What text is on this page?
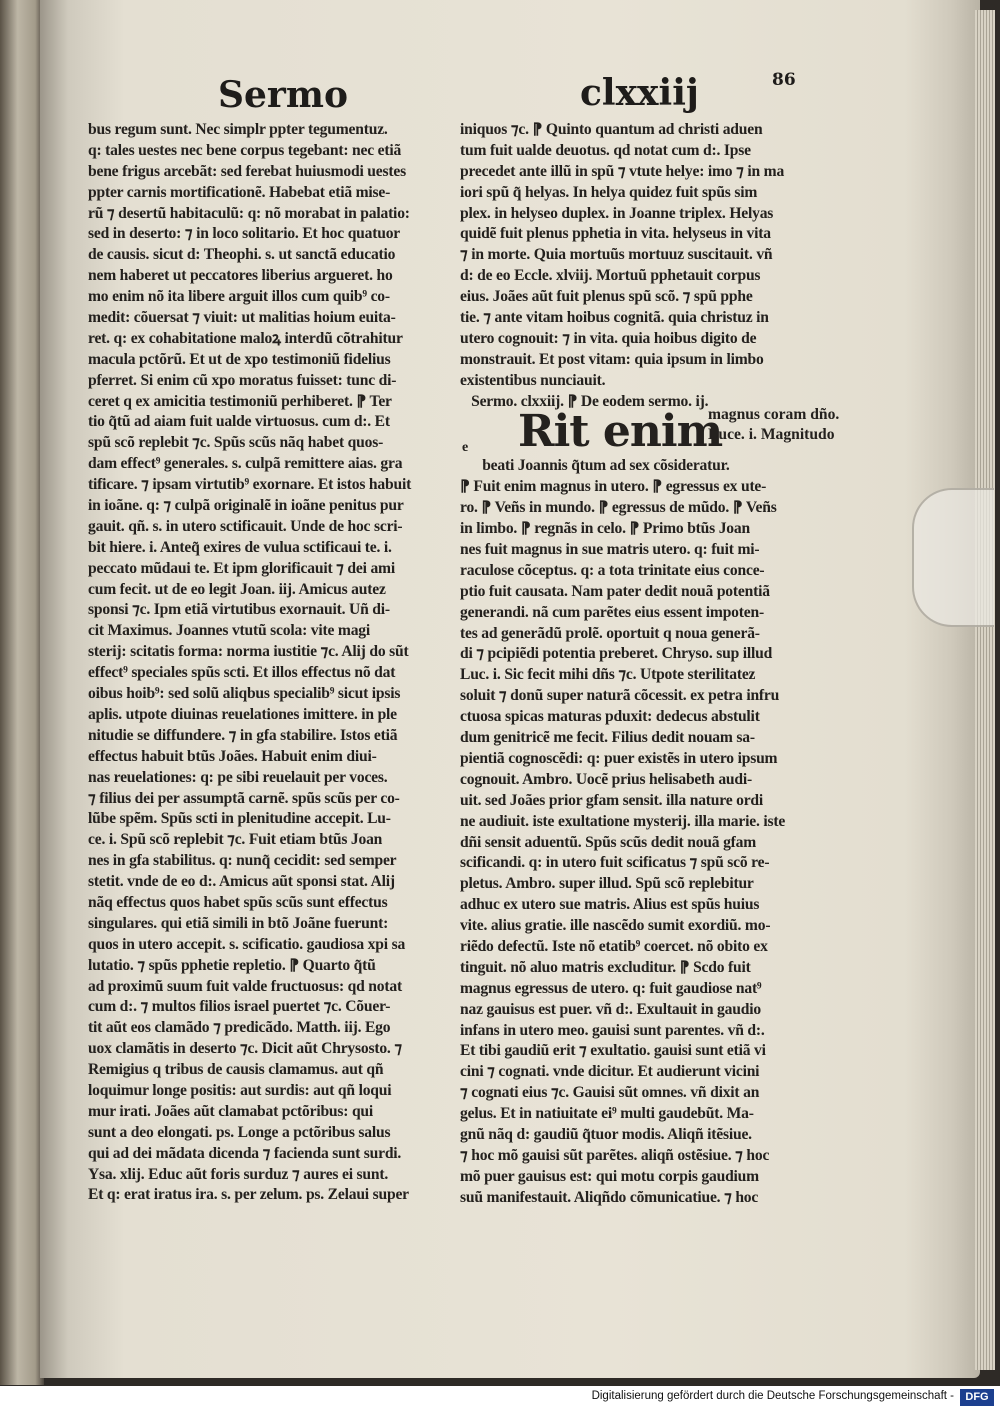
Sermo	clxxiij	86
bus regum sunt. Nec simplr ppter tegumentuz.
q: tales uestes nec bene corpus tegebant: nec etiã
bene frigus arcebãt: sed ferebat huiusmodi uestes
ppter carnis mortificationẽ. Habebat etiã mise-
rũ ⁊ desertũ habitaculũ: q: nõ morabat in palatio:
sed in deserto: ⁊ in loco solitario. Et hoc quatuor
de causis. sicut d: Theophi. s. ut sanctã educatio
nem haberet ut peccatores liberius argueret. ho
mo enim nõ ita libere arguit illos cum quib⁹ co-
medit: cõuersat ⁊ viuit: ut malitias hoium euita-
ret. q: ex cohabitatione maloꝝ interdũ cõtrahitur
macula pctõrũ. Et ut de xpo testimoniũ fidelius
pferret. Si enim cũ xpo moratus fuisset: tunc di-
ceret q ex amicitia testimoniũ perhiberet. ⁋ Ter
tio q̃tũ ad aiam fuit ualde virtuosus. cum d:. Et
spũ scõ replebit ⁊c. Spũs scũs nãq habet quos-
dam effect⁹ generales. s. culpã remittere aias. gra
tificare. ⁊ ipsam virtutib⁹ exornare. Et istos habuit
in ioãne. q: ⁊ culpã originalẽ in ioãne penitus pur
gauit. qñ. s. in utero sctificauit. Unde de hoc scri-
bit hiere. i. Anteq̃ exires de vulua sctificaui te. i.
peccato mũdaui te. Et ipm glorificauit ⁊ dei ami
cum fecit. ut de eo legit Joan. iij. Amicus autez
sponsi ⁊c. Ipm etiã virtutibus exornauit. Uñ di-
cit Maximus. Joannes vtutũ scola: vite magi
sterij: scitatis forma: norma iustitie ⁊c. Alij do sũt
effect⁹ speciales spũs scti. Et illos effectus nõ dat
oibus hoib⁹: sed solũ aliqbus specialib⁹ sicut ipsis
aplis. utpote diuinas reuelationes imittere. in ple
nitudie se diffundere. ⁊ in gfa stabilire. Istos etiã
effectus habuit btũs Joães. Habuit enim diui-
nas reuelationes: q: pe sibi reuelauit per voces.
⁊ filius dei per assumptã carnẽ. spũs scũs per co-
lũbe spẽm. Spũs scti in plenitudine accepit. Lu-
ce. i. Spũ scõ replebit ⁊c. Fuit etiam btũs Joan
nes in gfa stabilitus. q: nunq̃ cecidit: sed semper
stetit. vnde de eo d:. Amicus aũt sponsi stat. Alij
nãq effectus quos habet spũs scũs sunt effectus
singulares. qui etiã simili in btõ Joãne fuerunt:
quos in utero accepit. s. scificatio. gaudiosa xpi sa
lutatio. ⁊ spũs pphetie repletio. ⁋ Quarto q̃tũ
ad proximũ suum fuit valde fructuosus: qd notat
cum d:. ⁊ multos filios israel puertet ⁊c. Cõuer-
tit aũt eos clamãdo ⁊ predicãdo. Matth. iij. Ego
uox clamãtis in deserto ⁊c. Dicit aũt Chrysosto. ⁊
Remigius q tribus de causis clamamus. aut qñ
loquimur longe positis: aut surdis: aut qñ loqui
mur irati. Joães aũt clamabat pctõribus: qui
sunt a deo elongati. ps. Longe a pctõribus salus
qui ad dei mãdata dicenda ⁊ facienda sunt surdi.
Ysa. xlij. Educ aũt foris surduz ⁊ aures ei sunt.
Et q: erat iratus ira. s. per zelum. ps. Zelaui super
iniquos ⁊c. ⁋ Quinto quantum ad christi aduen
tum fuit ualde deuotus. qd notat cum d:. Ipse
precedet ante illũ in spũ ⁊ vtute helye: imo ⁊ in ma
iori spũ q̃ helyas. In helya quidez fuit spũs sim
plex. in helyseo duplex. in Joanne triplex. Helyas
quidẽ fuit plenus pphetia in vita. helyseus in vita
⁊ in morte. Quia mortuũs mortuuz suscitauit. vñ
d: de eo Eccle. xlviij. Mortuũ pphetauit corpus
eius. Joães aũt fuit plenus spũ scõ. ⁊ spũ pphe
tie. ⁊ ante vitam hoibus cognitã. quia christuz in
utero cognouit: ⁊ in vita. quia hoibus digito de
monstrauit. Et post vitam: quia ipsum in limbo
existentibus nunciauit.
Sermo. clxxiij. ⁋ De eodem sermo. ij.
Rit enim
magnus coram dño.
Luce. i. Magnitudo
e
beati Joannis q̃tum ad sex cõsideratur.
⁋ Fuit enim magnus in utero. ⁋ egressus ex ute-
ro. ⁋ Veñs in mundo. ⁋ egressus de mũdo. ⁋ Veñs
in limbo. ⁋ regnãs in celo. ⁋ Primo btũs Joan
nes fuit magnus in sue matris utero. q: fuit mi-
raculose cõceptus. q: a tota trinitate eius conce-
ptio fuit causata. Nam pater dedit nouã potentiã
generandi. nã cum parẽtes eius essent impoten-
tes ad generãdũ prolẽ. oportuit q noua generã-
di ⁊ pcipiẽdi potentia preberet. Chryso. sup illud
Luc. i. Sic fecit mihi dñs ⁊c. Utpote sterilitatez
soluit ⁊ donũ super naturã cõcessit. ex petra infru
ctuosa spicas maturas pduxit: dedecus abstulit
dum genitricẽ me fecit. Filius dedit nouam sa-
pientiã cognoscẽdi: q: puer existẽs in utero ipsum
cognouit. Ambro. Uocẽ prius helisabeth audi-
uit. sed Joães prior gfam sensit. illa nature ordi
ne audiuit. iste exultatione mysterij. illa marie. iste
dñi sensit aduentũ. Spũs scũs dedit nouã gfam
scificandi. q: in utero fuit scificatus ⁊ spũ scõ re-
pletus. Ambro. super illud. Spũ scõ replebitur
adhuc ex utero sue matris. Alius est spũs huius
vite. alius gratie. ille nascẽdo sumit exordiũ. mo-
riẽdo defectũ. Iste nõ etatib⁹ coercet. nõ obito ex
tinguit. nõ aluo matris excluditur. ⁋ Scdo fuit
magnus egressus de utero. q: fuit gaudiose nat⁹
naz gauisus est puer. vñ d:. Exultauit in gaudio
infans in utero meo. gauisi sunt parentes. vñ d:.
Et tibi gaudiũ erit ⁊ exultatio. gauisi sunt etiã vi
cini ⁊ cognati. vnde dicitur. Et audierunt vicini
⁊ cognati eius ⁊c. Gauisi sũt omnes. vñ dixit an
gelus. Et in natiuitate ei⁹ multi gaudebũt. Ma-
gnũ nãq d: gaudiũ q̃tuor modis. Aliqñ itẽsiue.
⁊ hoc mõ gauisi sũt parẽtes. aliqñ ostẽsiue. ⁊ hoc
mõ puer gauisus est: qui motu corpis gaudium
suũ manifestauit. Aliqñdo cõmunicatiue. ⁊ hoc
Digitalisierung gefördert durch die Deutsche Forschungsgemeinschaft -	DFG
